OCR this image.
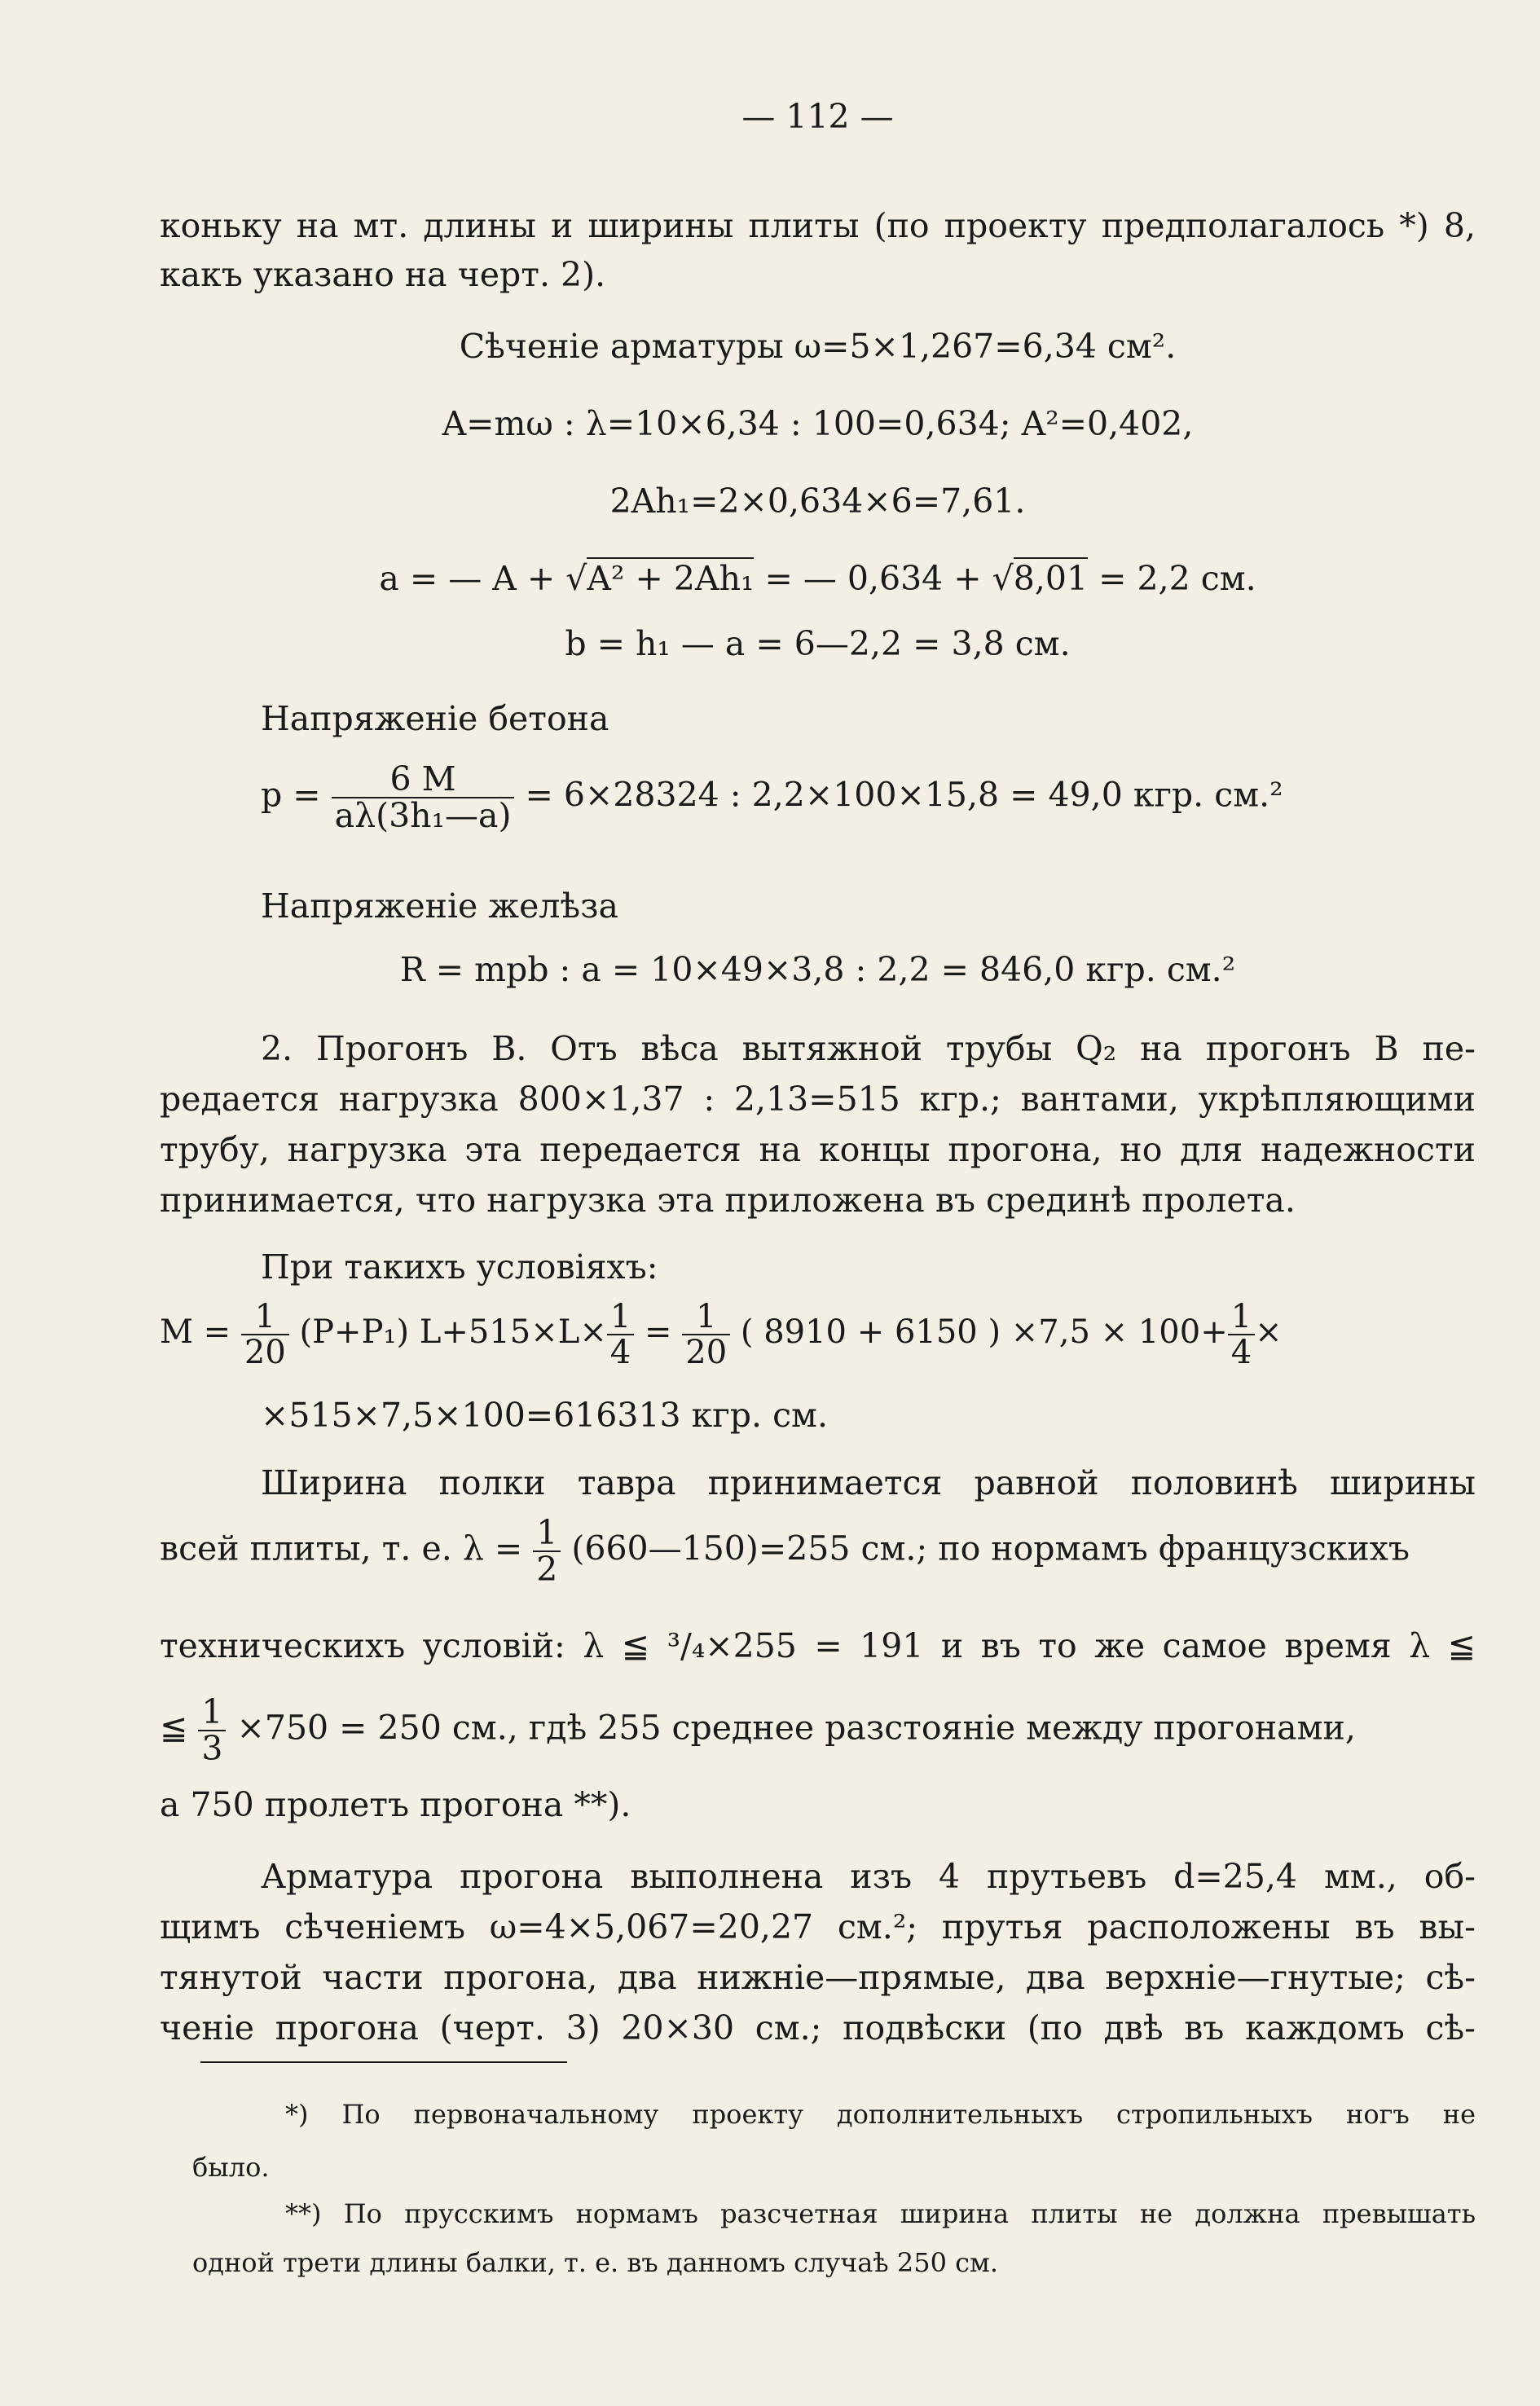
— 112 —
коньку на мт. длины и ширины плиты (по проекту предполагалось *) 8,
какъ указано на черт. 2).
Сѣченіе арматуры ω=5×1,267=6,34 см².
A=mω : λ=10×6,34 : 100=0,634; A²=0,402,
2Ah₁=2×0,634×6=7,61.
a = — A + √A² + 2Ah₁ = — 0,634 + √8,01 = 2,2 см.
b = h₁ — a = 6—2,2 = 3,8 см.
Напряженіе бетона
$p = \frac{6 M}{\text{aλ(3h₁—a)}} = 6\times 28324$ : 2,2×100×15,8 = 49,0 кгр. см.²
Напряженіе желѣза
R = mpb : a = 10×49×3,8 : 2,2 = 846,0 кгр. см.²
2. Прогонъ B. Отъ вѣса вытяжной трубы Q₂ на прогонъ B пе-
редается нагрузка 800×1,37 : 2,13=515 кгр.; вантами, укрѣпляющими
трубу, нагрузка эта передается на концы прогона, но для надежности
принимается, что нагрузка эта приложена въ срединѣ пролета.
При такихъ условіяхъ:
$M = \frac{1}{20} (P+P_1)$ $L+515\times L\times \frac{1}{4} = \frac{1}{20}$ ( 8910 + 6150 ) $\times 7,5 \times 100+ \frac{1}{4}$ ×
×515×7,5×100=616313 кгр. см.
Ширина полки тавра принимается равной половинѣ ширины
всей плиты, т. е. $\lambda = \frac{1}{2}$ (660—150)=255 см.; по нормамъ французскихъ
техническихъ условій: λ ≦ ³/₄×255 = 191 и въ то же самое время λ ≦
≦ $\frac{1}{3} \times 750 = 250$ см., гдѣ 255 среднее разстояніе между прогонами,
a 750 пролетъ прогона **).
Арматура прогона выполнена изъ 4 прутьевъ d=25,4 мм., об-
щимъ сѣченіемъ ω=4×5,067=20,27 см.²; прутья расположены въ вы-
тянутой части прогона, два нижніе—прямые, два верхніе—гнутые; сѣ-
ченіе прогона (черт. 3) 20×30 см.; подвѣски (по двѣ въ каждомъ сѣ-
*) По первоначальному проекту дополнительныхъ стропильныхъ ногъ не
было.
**) По прусскимъ нормамъ разсчетная ширина плиты не должна превышать
одной трети длины балки, т. е. въ данномъ случаѣ 250 см.
